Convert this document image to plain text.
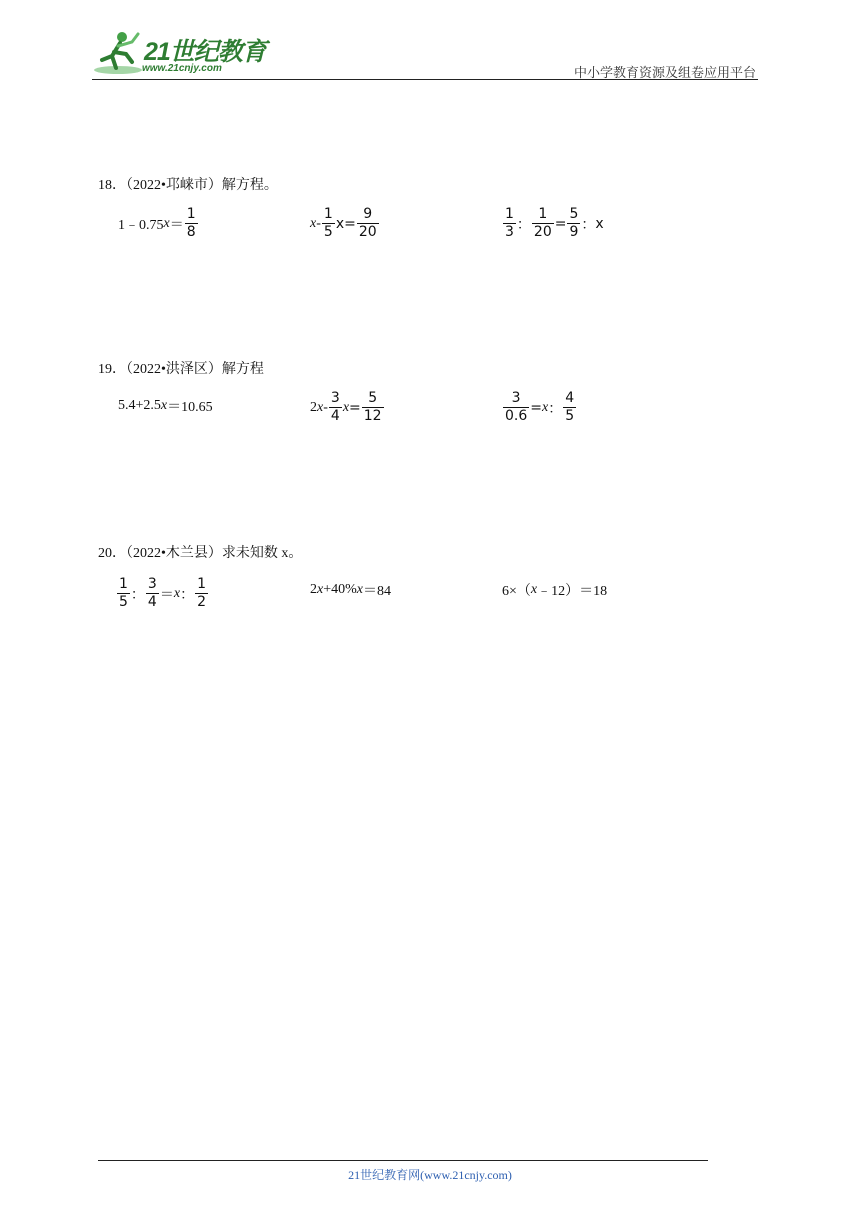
21世纪教育
www.21cnjy.com	中小学教育资源及组卷应用平台
18．（2022•邛崃市）解方程。
1﹣0.75 $x = \frac{1}{8}$	$x - \frac{1}{5} x= \frac{9}{20}$	$\frac{1}{3}$ ： $\frac{1}{20} = \frac{5}{9}$ ： x
19．（2022•洪泽区）解方程
5.4+2.5 x ＝10.65	2 x - $\frac{3}{4}$ $x = \frac{5}{12}$	$\frac{3}{0.6} = x$ ： $\frac{4}{5}$
20．（2022•木兰县）求未知数 x。
$\frac{1}{5}$ ： $\frac{3}{4} = x$ ： $\frac{1}{2}$	2 x +40% x ＝84	6×（ x ﹣12）＝18
21世纪教育网(www.21cnjy.com)
